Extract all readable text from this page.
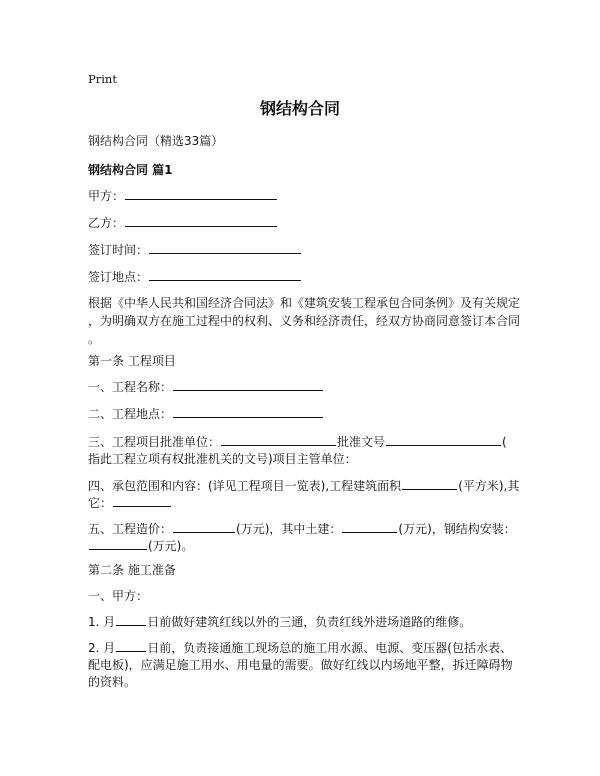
Print
钢结构合同
钢结构合同（精选33篇）
钢结构合同 篇1
甲方：
乙方：
签订时间：
签订地点：
根据《中华人民共和国经济合同法》和《建筑安装工程承包合同条例》及有关规定
，为明确双方在施工过程中的权利、义务和经济责任，经双方协商同意签订本合同
。
第一条 工程项目
一、工程名称：
二、工程地点：
三、工程项目批准单位：	批准文号	(
指此工程立项有权批准机关的文号)项目主管单位：
四、承包范围和内容：(详见工程项目一览表),工程建筑面积	(平方米),其
它：
五、工程造价：	(万元)，其中土建：	(万元)，钢结构安装：
(万元)。
第二条 施工准备
一、甲方：
1. 月	日前做好建筑红线以外的三通，负责红线外进场道路的维修。
2. 月	日前，负责接通施工现场总的施工用水源、电源、变压器(包括水表、
配电板)，应满足施工用水、用电量的需要。做好红线以内场地平整，拆迁障碍物
的资料。
